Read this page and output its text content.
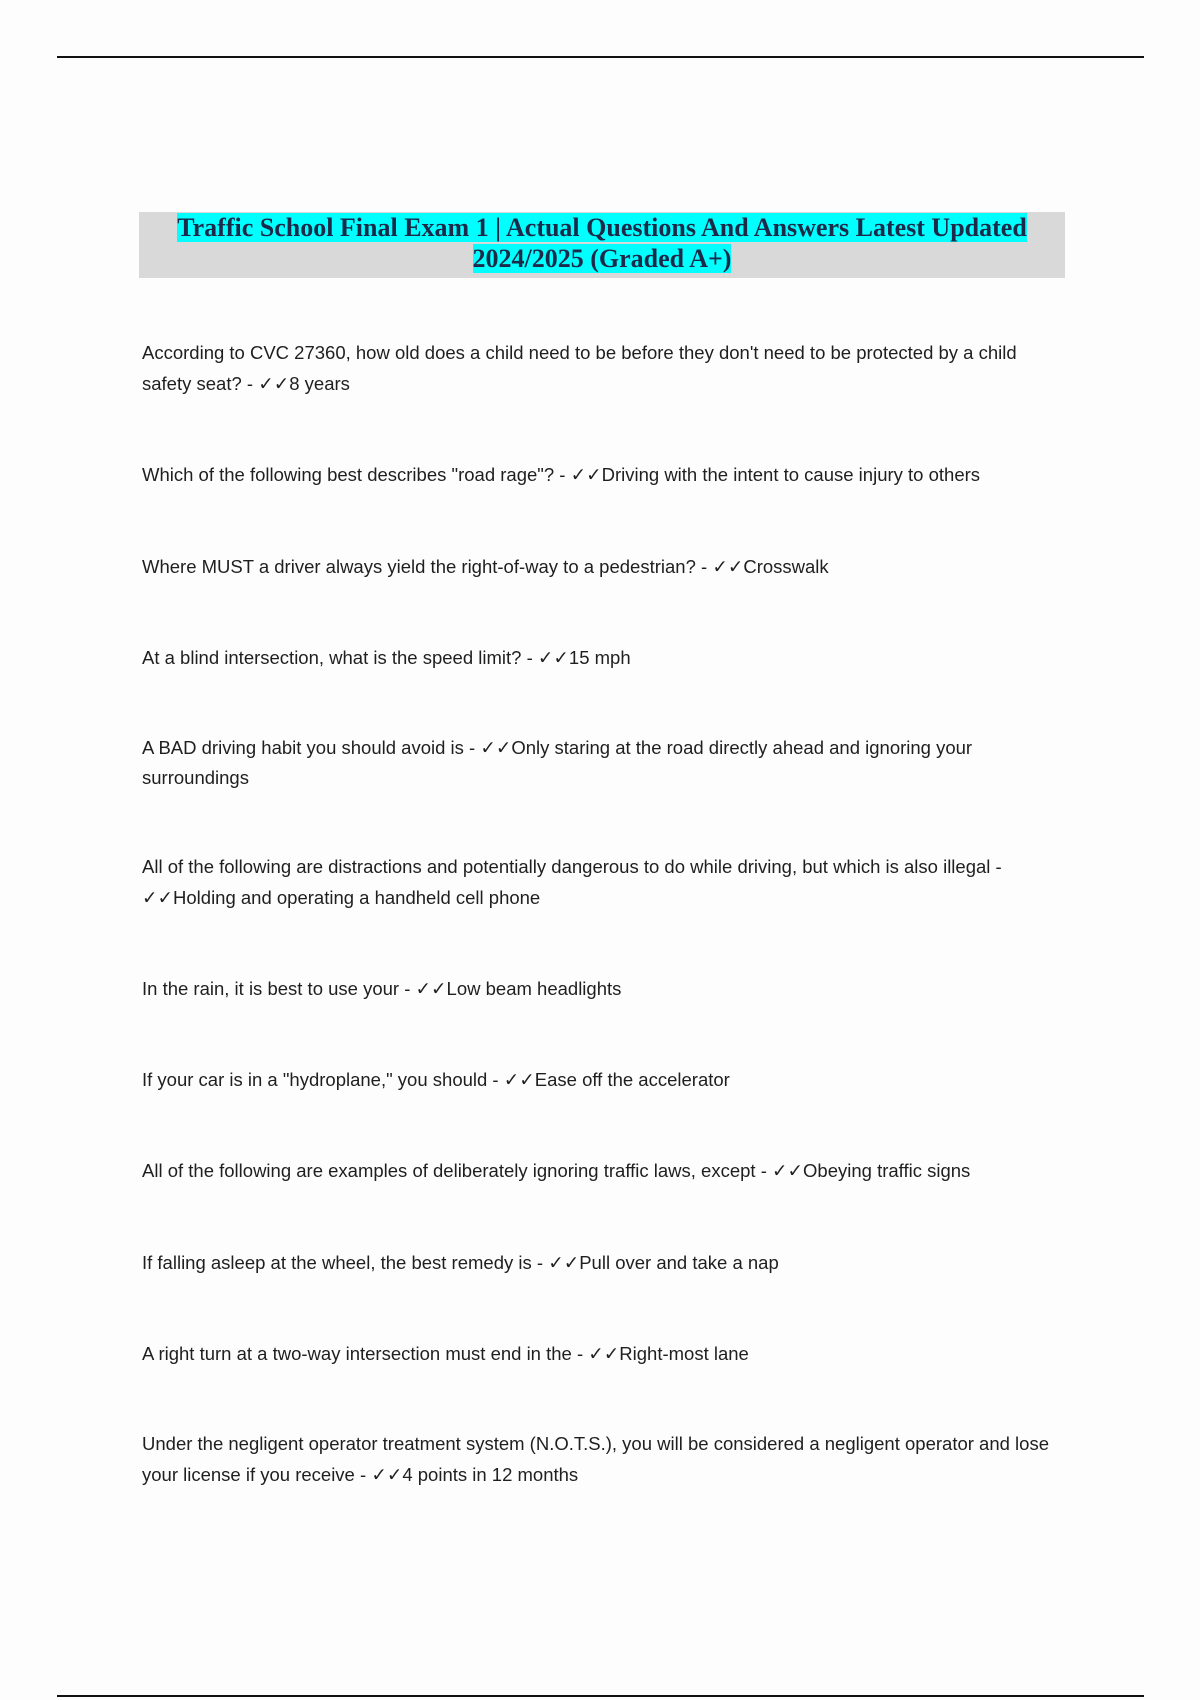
Traffic School Final Exam 1 | Actual Questions And Answers Latest Updated
2024/2025 (Graded A+)
According to CVC 27360, how old does a child need to be before they don't need to be protected by a child safety seat? - ✓✓8 years
Which of the following best describes "road rage"? - ✓✓Driving with the intent to cause injury to others
Where MUST a driver always yield the right-of-way to a pedestrian? - ✓✓Crosswalk
At a blind intersection, what is the speed limit? - ✓✓15 mph
A BAD driving habit you should avoid is - ✓✓Only staring at the road directly ahead and ignoring your surroundings
All of the following are distractions and potentially dangerous to do while driving, but which is also illegal - ✓✓Holding and operating a handheld cell phone
In the rain, it is best to use your - ✓✓Low beam headlights
If your car is in a "hydroplane," you should - ✓✓Ease off the accelerator
All of the following are examples of deliberately ignoring traffic laws, except - ✓✓Obeying traffic signs
If falling asleep at the wheel, the best remedy is - ✓✓Pull over and take a nap
A right turn at a two-way intersection must end in the - ✓✓Right-most lane
Under the negligent operator treatment system (N.O.T.S.), you will be considered a negligent operator and lose your license if you receive - ✓✓4 points in 12 months
